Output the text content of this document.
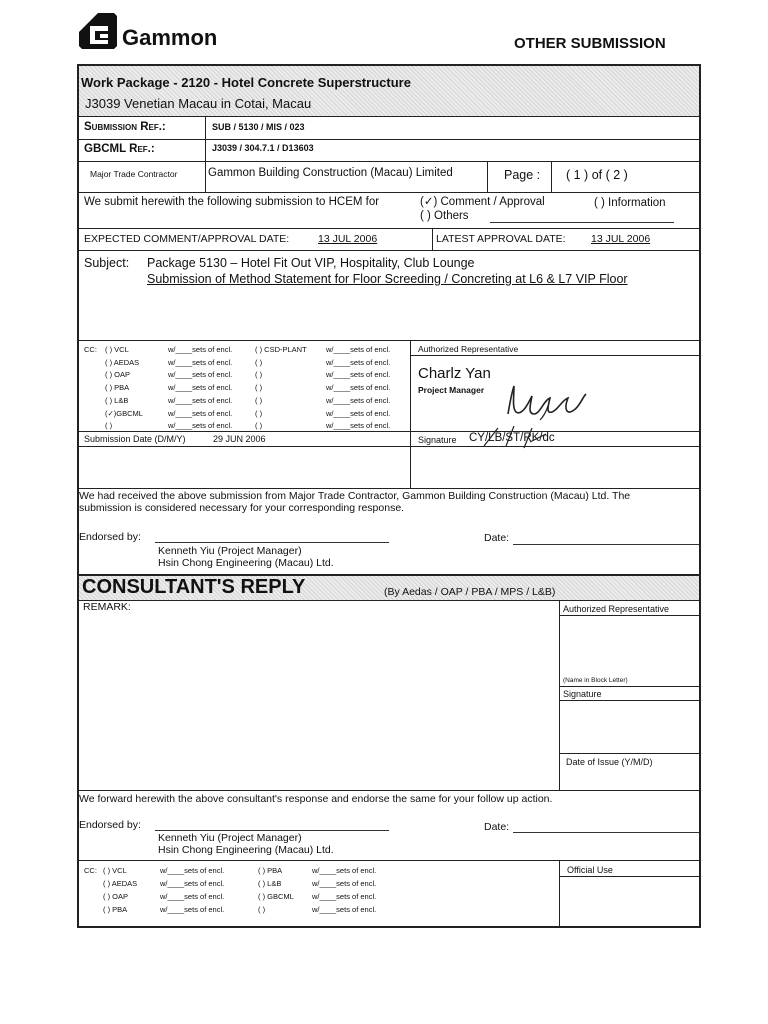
Gammon	OTHER SUBMISSION
Work Package - 2120 - Hotel Concrete Superstructure
J3039 Venetian Macau in Cotai, Macau
Submission Ref.:	SUB / 5130 / MIS / 023
GBCML Ref.:	J3039 / 304.7.1 / D13603
Major Trade Contractor	Gammon Building Construction (Macau) Limited	Page : ( 1 ) of ( 2 )
We submit herewith the following submission to HCEM for	(✓) Comment / Approval	( ) Information
( ) Others
EXPECTED COMMENT/APPROVAL DATE:	13 JUL 2006	LATEST APPROVAL DATE: 13 JUL 2006
Subject: Package 5130 – Hotel Fit Out VIP, Hospitality, Club Lounge
Submission of Method Statement for Floor Screeding / Concreting at L6 & L7 VIP Floor
CC: ( ) VCL	w/____sets of encl.	( ) CSD-PLANT	w/____sets of encl.
( ) AEDAS	w/____sets of encl.	( )	w/____sets of encl.
( ) OAP	w/____sets of encl.	( )	w/____sets of encl.
( ) PBA	w/____sets of encl.	( )	w/____sets of encl.
( ) L&B	w/____sets of encl.	( )	w/____sets of encl.
(✓)GBCML	w/____sets of encl.	( )	w/____sets of encl.
( )	w/____sets of encl.	( )	w/____sets of encl.
Authorized Representative
Charlz Yan
Project Manager
Signature CY/LB/ST/RK/dc
Submission Date (D/M/Y)	29 JUN 2006
We had received the above submission from Major Trade Contractor, Gammon Building Construction (Macau) Ltd. The
submission is considered necessary for your corresponding response.
Endorsed by:	Date:
Kenneth Yiu (Project Manager)
Hsin Chong Engineering (Macau) Ltd.
CONSULTANT'S REPLY	(By Aedas / OAP / PBA / MPS / L&B)
REMARK:	Authorized Representative
(Name in Block Letter)
Signature
Date of Issue (Y/M/D)
We forward herewith the above consultant's response and endorse the same for your follow up action.
Endorsed by:	Date:
Kenneth Yiu (Project Manager)
Hsin Chong Engineering (Macau) Ltd.
CC: ( ) VCL	w/____sets of encl.	( ) PBA	w/____sets of encl.
( ) AEDAS	w/____sets of encl.	( ) L&B	w/____sets of encl.
( ) OAP	w/____sets of encl.	( ) GBCML w/____sets of encl.
( ) PBA	w/____sets of encl.	( )	w/____sets of encl.
Official Use
